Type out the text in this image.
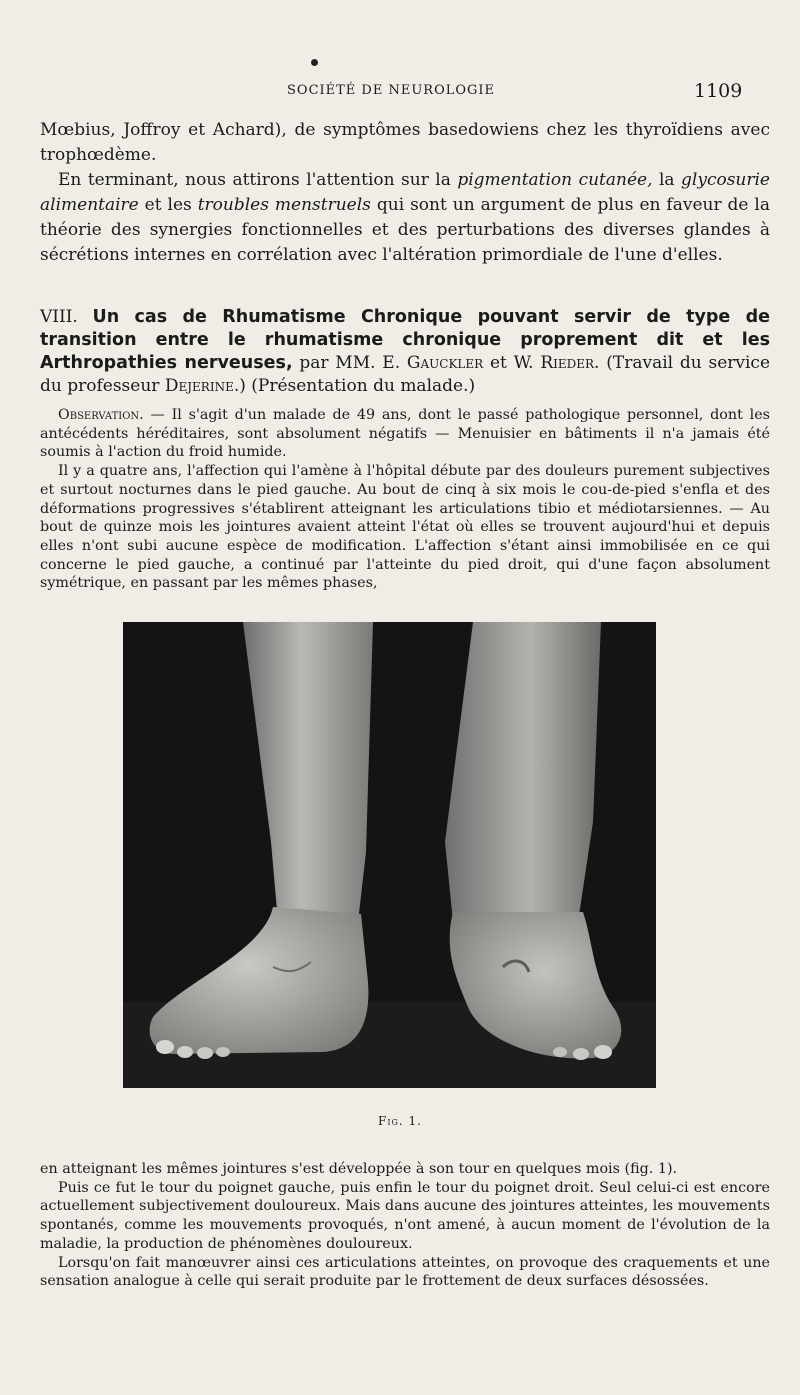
SOCIÉTÉ DE NEUROLOGIE	1109

Mœbius, Joffroy et Achard), de symptômes basedowiens chez les thyroïdiens avec trophœdème.

En terminant, nous attirons l'attention sur la pigmentation cutanée, la glycosurie alimentaire et les troubles menstruels qui sont un argument de plus en faveur de la théorie des synergies fonctionnelles et des perturbations des diverses glandes à sécrétions internes en corrélation avec l'altération primordiale de l'une d'elles.

VIII. Un cas de Rhumatisme Chronique pouvant servir de type de transition entre le rhumatisme chronique proprement dit et les Arthropathies nerveuses, par MM. E. Gauckler et W. Rieder. (Travail du service du professeur Dejerine.) (Présentation du malade.)

Observation. — Il s'agit d'un malade de 49 ans, dont le passé pathologique personnel, dont les antécédents héréditaires, sont absolument négatifs — Menuisier en bâtiments il n'a jamais été soumis à l'action du froid humide.

Il y a quatre ans, l'affection qui l'amène à l'hôpital débute par des douleurs purement subjectives et surtout nocturnes dans le pied gauche. Au bout de cinq à six mois le cou-de-pied s'enfla et des déformations progressives s'établirent atteignant les articulations tibio et médiotarsiennes. — Au bout de quinze mois les jointures avaient atteint l'état où elles se trouvent aujourd'hui et depuis elles n'ont subi aucune espèce de modification. L'affection s'étant ainsi immobilisée en ce qui concerne le pied gauche, a continué par l'atteinte du pied droit, qui d'une façon absolument symétrique, en passant par les mêmes phases,

Fig. 1.

en atteignant les mêmes jointures s'est développée à son tour en quelques mois (fig. 1).

Puis ce fut le tour du poignet gauche, puis enfin le tour du poignet droit. Seul celui-ci est encore actuellement subjectivement douloureux. Mais dans aucune des jointures atteintes, les mouvements spontanés, comme les mouvements provoqués, n'ont amené, à aucun moment de l'évolution de la maladie, la production de phénomènes douloureux.

Lorsqu'on fait manœuvrer ainsi ces articulations atteintes, on provoque des craquements et une sensation analogue à celle qui serait produite par le frottement de deux surfaces désossées.
